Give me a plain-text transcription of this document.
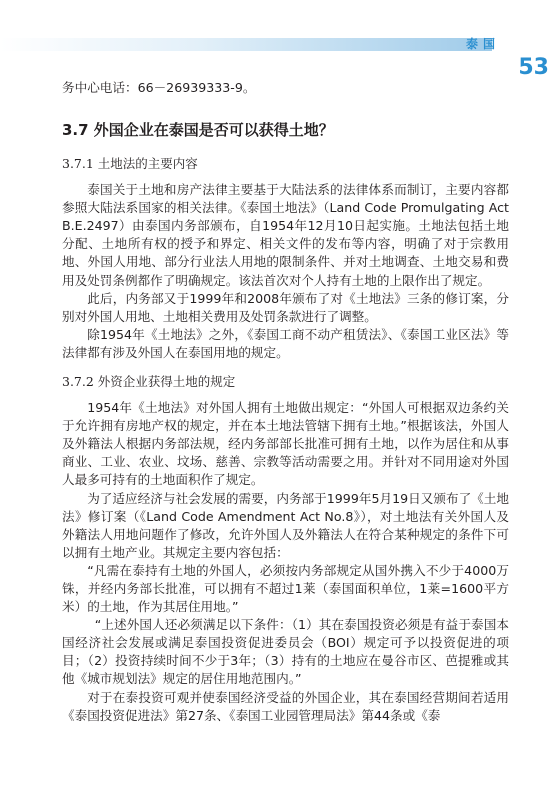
泰国
53

务中心电话：66－26939333-9。

3.7 外国企业在泰国是否可以获得土地？
3.7.1 土地法的主要内容

泰国关于土地和房产法律主要基于大陆法系的法律体系而制订，主要内容都参照大陆法系国家的相关法律。《泰国土地法》（Land Code Promulgating Act B.E.2497）由泰国内务部颁布，自1954年12月10日起实施。土地法包括土地分配、土地所有权的授予和界定、相关文件的发布等内容，明确了对于宗教用地、外国人用地、部分行业法人用地的限制条件、并对土地调查、土地交易和费用及处罚条例都作了明确规定。该法首次对个人持有土地的上限作出了规定。

此后，内务部又于1999年和2008年颁布了对《土地法》三条的修订案，分别对外国人用地、土地相关费用及处罚条款进行了调整。

除1954年《土地法》之外，《泰国工商不动产租赁法》、《泰国工业区法》等法律都有涉及外国人在泰国用地的规定。

3.7.2 外资企业获得土地的规定

1954年《土地法》对外国人拥有土地做出规定：“外国人可根据双边条约关于允许拥有房地产权的规定，并在本土地法管辖下拥有土地。”根据该法，外国人及外籍法人根据内务部法规，经内务部部长批准可拥有土地，以作为居住和从事商业、工业、农业、坟场、慈善、宗教等活动需要之用。并针对不同用途对外国人最多可持有的土地面积作了规定。

为了适应经济与社会发展的需要，内务部于1999年5月19日又颁布了《土地法》修订案（《Land Code Amendment Act No.8》），对土地法有关外国人及外籍法人用地问题作了修改，允许外国人及外籍法人在符合某种规定的条件下可以拥有土地产业。其规定主要内容包括：

“凡需在泰持有土地的外国人，必须按内务部规定从国外携入不少于4000万铢，并经内务部长批准，可以拥有不超过1莱（泰国面积单位，1莱=1600平方米）的土地，作为其居住用地。”

“上述外国人还必须满足以下条件：（1）其在泰国投资必须是有益于泰国本国经济社会发展或满足泰国投资促进委员会（BOI）规定可予以投资促进的项目；（2）投资持续时间不少于3年；（3）持有的土地应在曼谷市区、芭提雅或其他《城市规划法》规定的居住用地范围内。”

对于在泰投资可观并使泰国经济受益的外国企业，其在泰国经营期间若适用《泰国投资促进法》第27条、《泰国工业园管理局法》第44条或《泰
